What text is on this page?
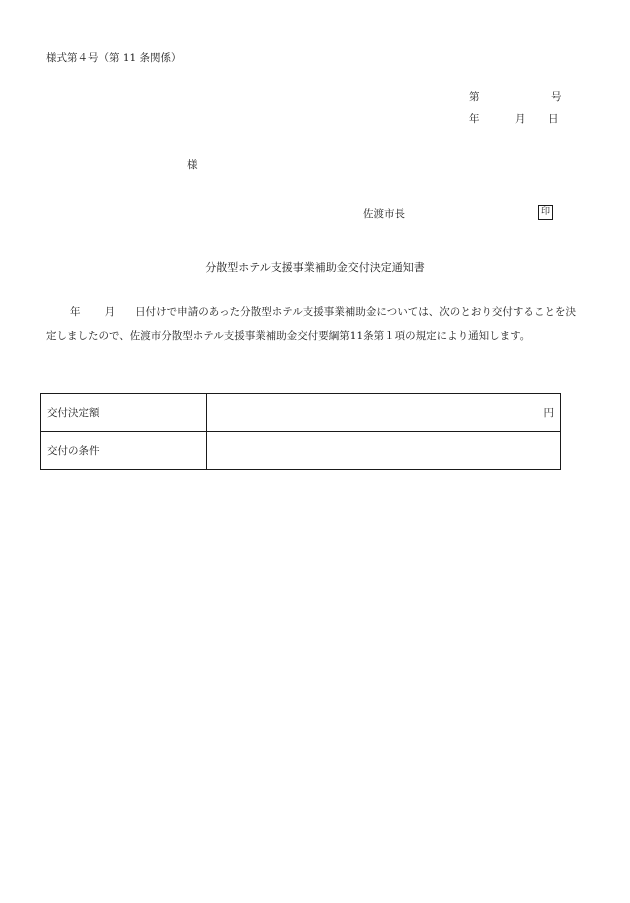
様式第４号（第 11 条関係）
第	号
年	月 日
様
佐渡市長	印
分散型ホテル支援事業補助金交付決定通知書
年 月 日付けで申請のあった分散型ホテル支援事業補助金については、次のとおり交付することを決定しましたので、佐渡市分散型ホテル支援事業補助金交付要綱第11条第１項の規定により通知します。
交付決定額	円
交付の条件	
